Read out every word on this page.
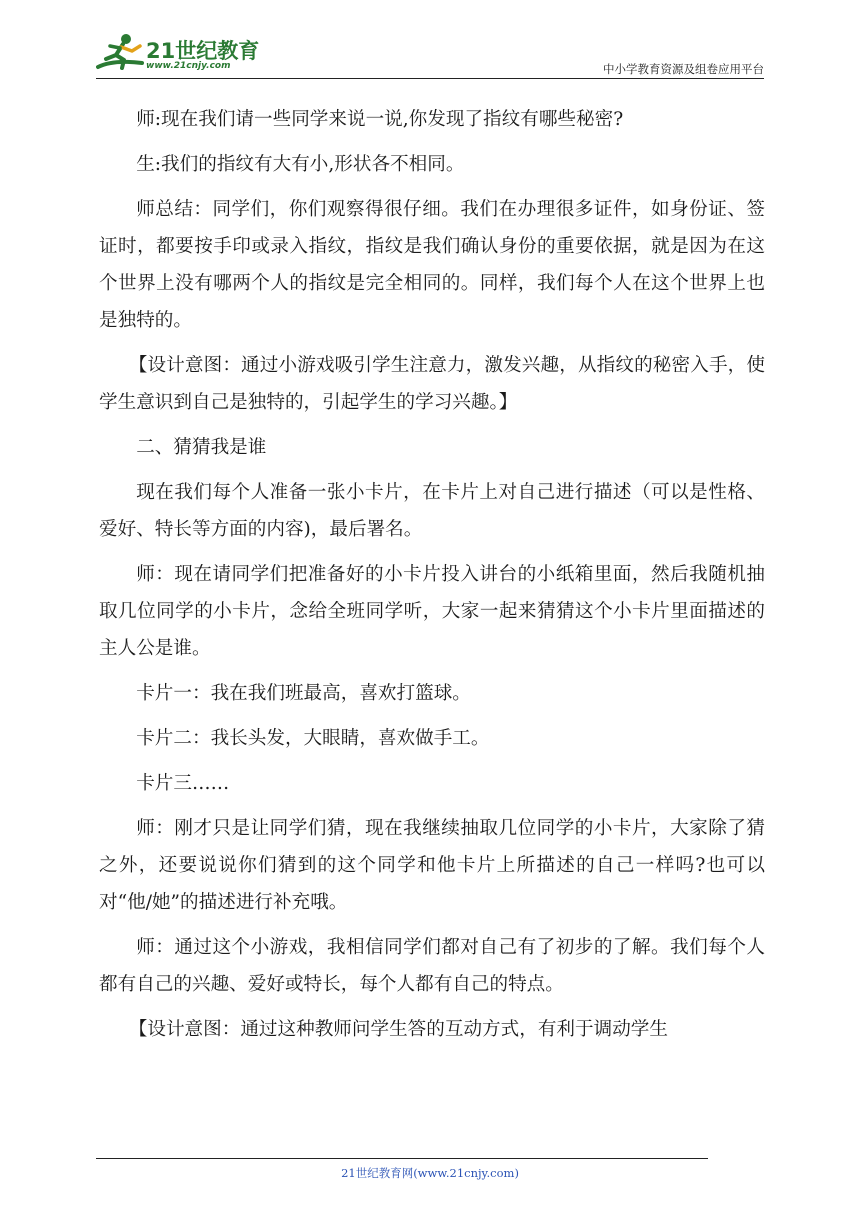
21世纪教育
www.21cnjy.com	中小学教育资源及组卷应用平台

师:现在我们请一些同学来说一说,你发现了指纹有哪些秘密?

生:我们的指纹有大有小,形状各不相同。

师总结：同学们，你们观察得很仔细。我们在办理很多证件，如身份证、签证时，都要按手印或录入指纹，指纹是我们确认身份的重要依据，就是因为在这个世界上没有哪两个人的指纹是完全相同的。同样，我们每个人在这个世界上也是独特的。

【设计意图：通过小游戏吸引学生注意力，激发兴趣，从指纹的秘密入手，使学生意识到自己是独特的，引起学生的学习兴趣。】

二、猜猜我是谁

现在我们每个人准备一张小卡片，在卡片上对自己进行描述（可以是性格、爱好、特长等方面的内容)，最后署名。

师：现在请同学们把准备好的小卡片投入讲台的小纸箱里面，然后我随机抽取几位同学的小卡片，念给全班同学听，大家一起来猜猜这个小卡片里面描述的主人公是谁。

卡片一：我在我们班最高，喜欢打篮球。

卡片二：我长头发，大眼睛，喜欢做手工。

卡片三……

师：刚才只是让同学们猜，现在我继续抽取几位同学的小卡片，大家除了猜之外，还要说说你们猜到的这个同学和他卡片上所描述的自己一样吗?也可以对“他/她”的描述进行补充哦。

师：通过这个小游戏，我相信同学们都对自己有了初步的了解。我们每个人都有自己的兴趣、爱好或特长，每个人都有自己的特点。

【设计意图：通过这种教师问学生答的互动方式，有利于调动学生

21世纪教育网(www.21cnjy.com)
